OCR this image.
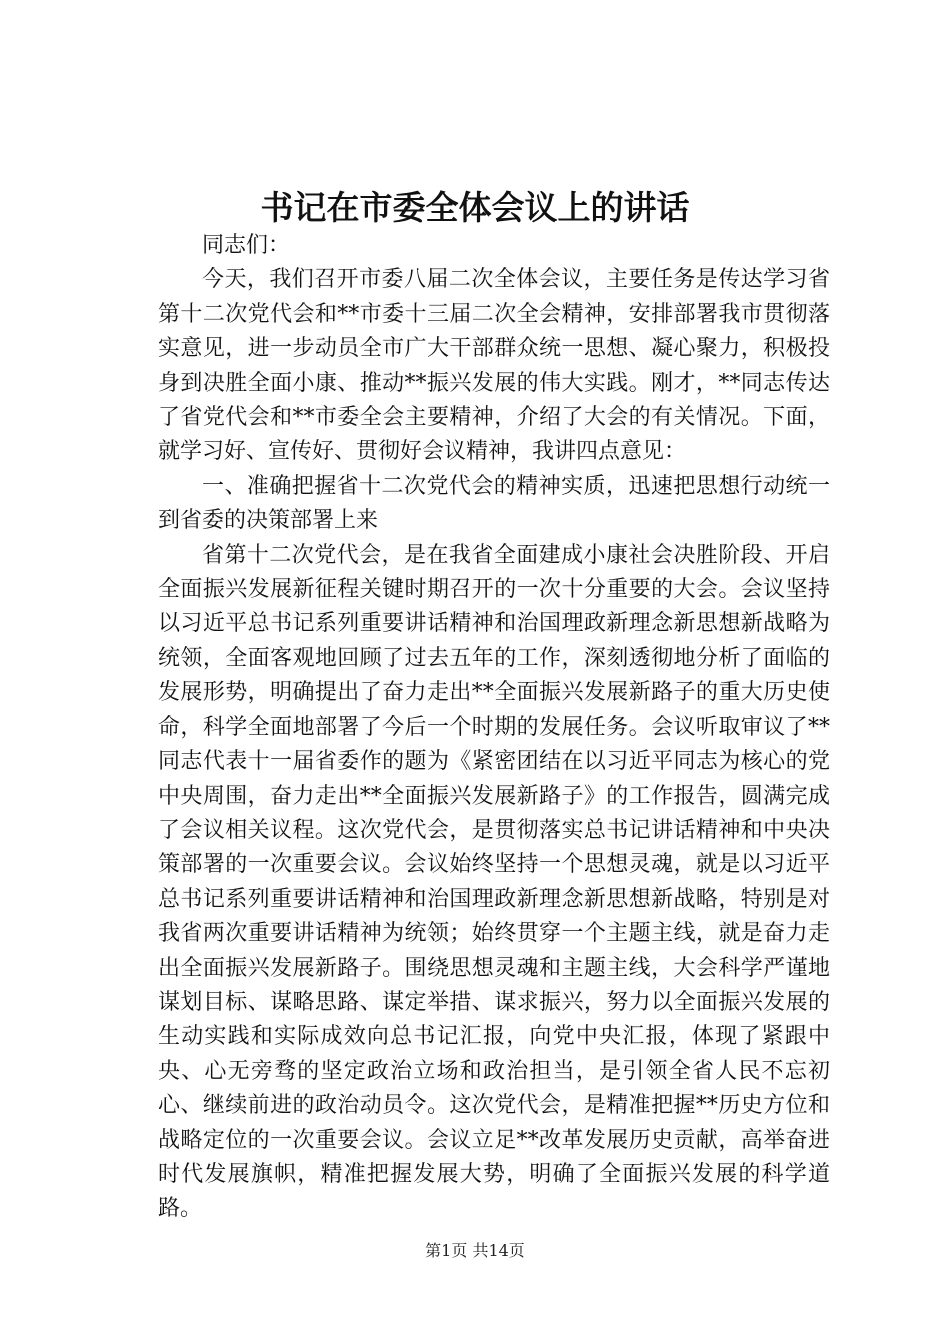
书记在市委全体会议上的讲话

同志们：

今天，我们召开市委八届二次全体会议，主要任务是传达学习省第十二次党代会和**市委十三届二次全会精神，安排部署我市贯彻落实意见，进一步动员全市广大干部群众统一思想、凝心聚力，积极投身到决胜全面小康、推动**振兴发展的伟大实践。刚才，**同志传达了省党代会和**市委全会主要精神，介绍了大会的有关情况。下面，就学习好、宣传好、贯彻好会议精神，我讲四点意见：

一、准确把握省十二次党代会的精神实质，迅速把思想行动统一到省委的决策部署上来

省第十二次党代会，是在我省全面建成小康社会决胜阶段、开启全面振兴发展新征程关键时期召开的一次十分重要的大会。会议坚持以习近平总书记系列重要讲话精神和治国理政新理念新思想新战略为统领，全面客观地回顾了过去五年的工作，深刻透彻地分析了面临的发展形势，明确提出了奋力走出**全面振兴发展新路子的重大历史使命，科学全面地部署了今后一个时期的发展任务。会议听取审议了**同志代表十一届省委作的题为《紧密团结在以习近平同志为核心的党中央周围，奋力走出**全面振兴发展新路子》的工作报告，圆满完成了会议相关议程。这次党代会，是贯彻落实总书记讲话精神和中央决策部署的一次重要会议。会议始终坚持一个思想灵魂，就是以习近平总书记系列重要讲话精神和治国理政新理念新思想新战略，特别是对我省两次重要讲话精神为统领；始终贯穿一个主题主线，就是奋力走出全面振兴发展新路子。围绕思想灵魂和主题主线，大会科学严谨地谋划目标、谋略思路、谋定举措、谋求振兴，努力以全面振兴发展的生动实践和实际成效向总书记汇报，向党中央汇报，体现了紧跟中央、心无旁骛的坚定政治立场和政治担当，是引领全省人民不忘初心、继续前进的政治动员令。这次党代会，是精准把握**历史方位和战略定位的一次重要会议。会议立足**改革发展历史贡献，高举奋进时代发展旗帜，精准把握发展大势，明确了全面振兴发展的科学道路。

第1页 共14页
